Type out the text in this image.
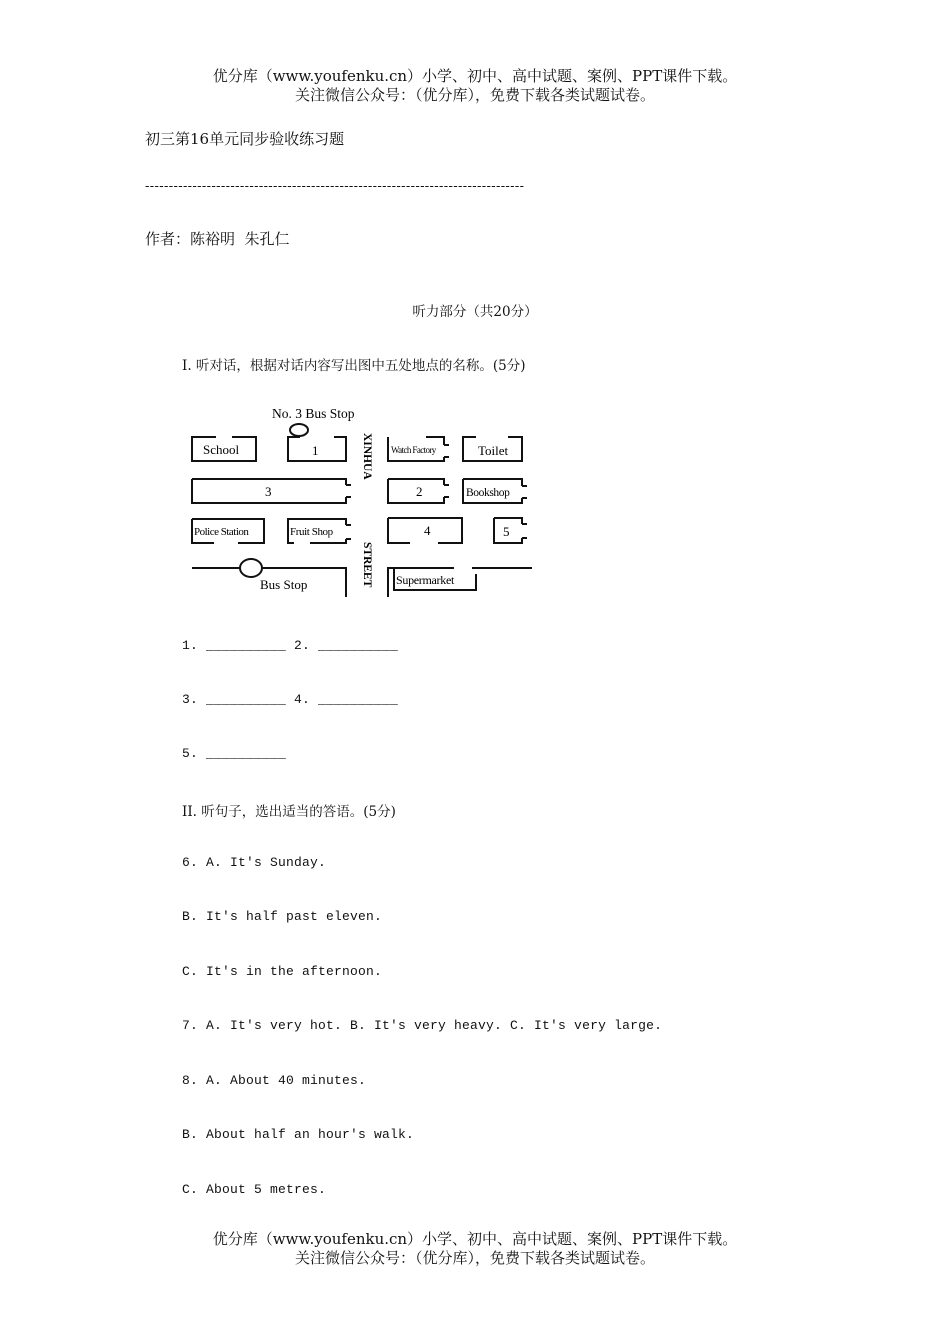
优分库（www.youfenku.cn）小学、初中、高中试题、案例、PPT课件下载。
关注微信公众号：（优分库），免费下载各类试题试卷。
初三第16单元同步验收练习题
--------------------------------------------------------------------------------
作者：陈裕明  朱孔仁
听力部分（共20分）
I. 听对话，根据对话内容写出图中五处地点的名称。(5分)
No. 3 Bus Stop
School	1	Watch Factory	Toilet
3	2	Bookshop
Police Station	Fruit Shop	4	5
Bus Stop	Supermarket
XINHUA
STREET
1. __________ 2. __________
3. __________ 4. __________
5. __________
II. 听句子，选出适当的答语。(5分)
6. A. It's Sunday.
B. It's half past eleven.
C. It's in the afternoon.
7. A. It's very hot. B. It's very heavy. C. It's very large.
8. A. About 40 minutes.
B. About half an hour's walk.
C. About 5 metres.
优分库（www.youfenku.cn）小学、初中、高中试题、案例、PPT课件下载。
关注微信公众号：（优分库），免费下载各类试题试卷。
